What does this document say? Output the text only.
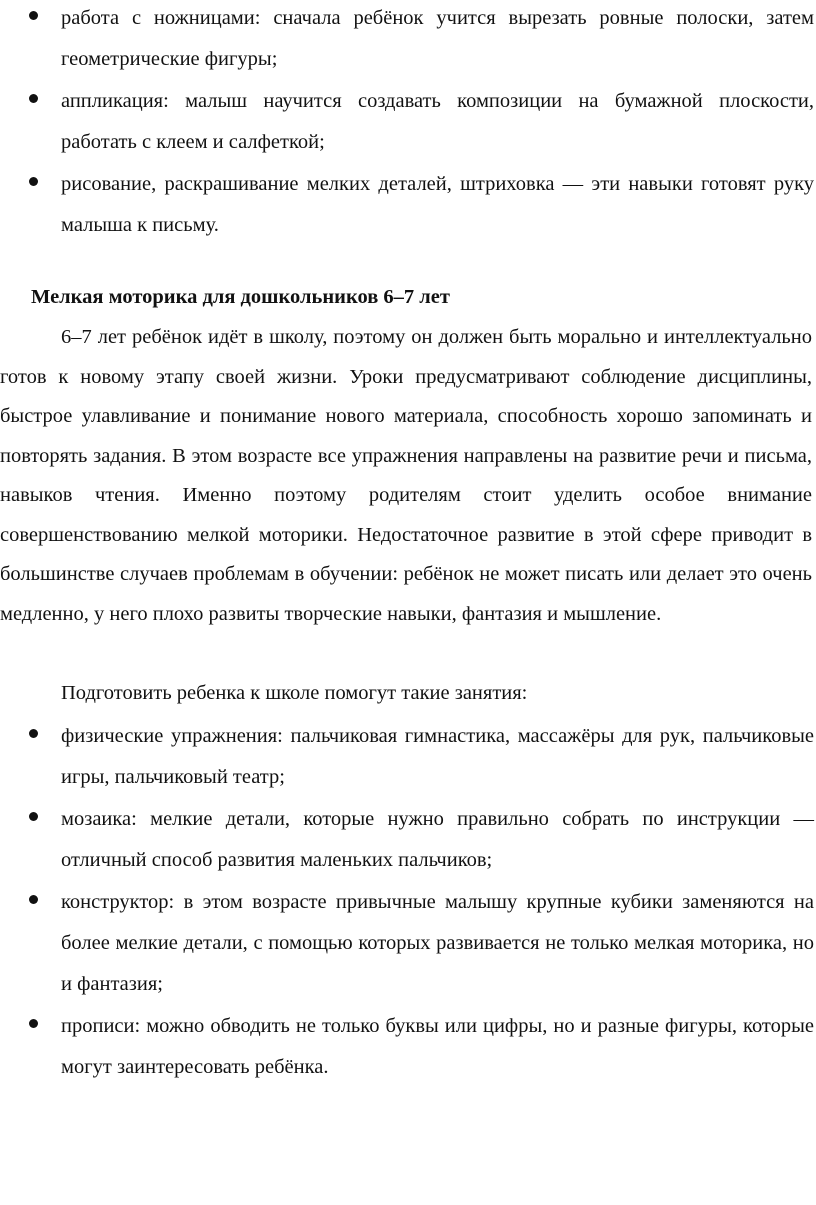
работа с ножницами: сначала ребёнок учится вырезать ровные полоски, затем геометрические фигуры;
аппликация: малыш научится создавать композиции на бумажной плоскости, работать с клеем и салфеткой;
рисование, раскрашивание мелких деталей, штриховка — эти навыки готовят руку малыша к письму.
Мелкая моторика для дошкольников 6–7 лет

6–7 лет ребёнок идёт в школу, поэтому он должен быть морально и интеллектуально готов к новому этапу своей жизни. Уроки предусматривают соблюдение дисциплины, быстрое улавливание и понимание нового материала, способность хорошо запоминать и повторять задания. В этом возрасте все упражнения направлены на развитие речи и письма, навыков чтения. Именно поэтому родителям стоит уделить особое внимание совершенствованию мелкой моторики. Недостаточное развитие в этой сфере приводит в большинстве случаев проблемам в обучении: ребёнок не может писать или делает это очень медленно, у него плохо развиты творческие навыки, фантазия и мышление.

Подготовить ребенка к школе помогут такие занятия:

физические упражнения: пальчиковая гимнастика, массажёры для рук, пальчиковые игры, пальчиковый театр;
мозаика: мелкие детали, которые нужно правильно собрать по инструкции — отличный способ развития маленьких пальчиков;
конструктор: в этом возрасте привычные малышу крупные кубики заменяются на более мелкие детали, с помощью которых развивается не только мелкая моторика, но и фантазия;
прописи: можно обводить не только буквы или цифры, но и разные фигуры, которые могут заинтересовать ребёнка.
